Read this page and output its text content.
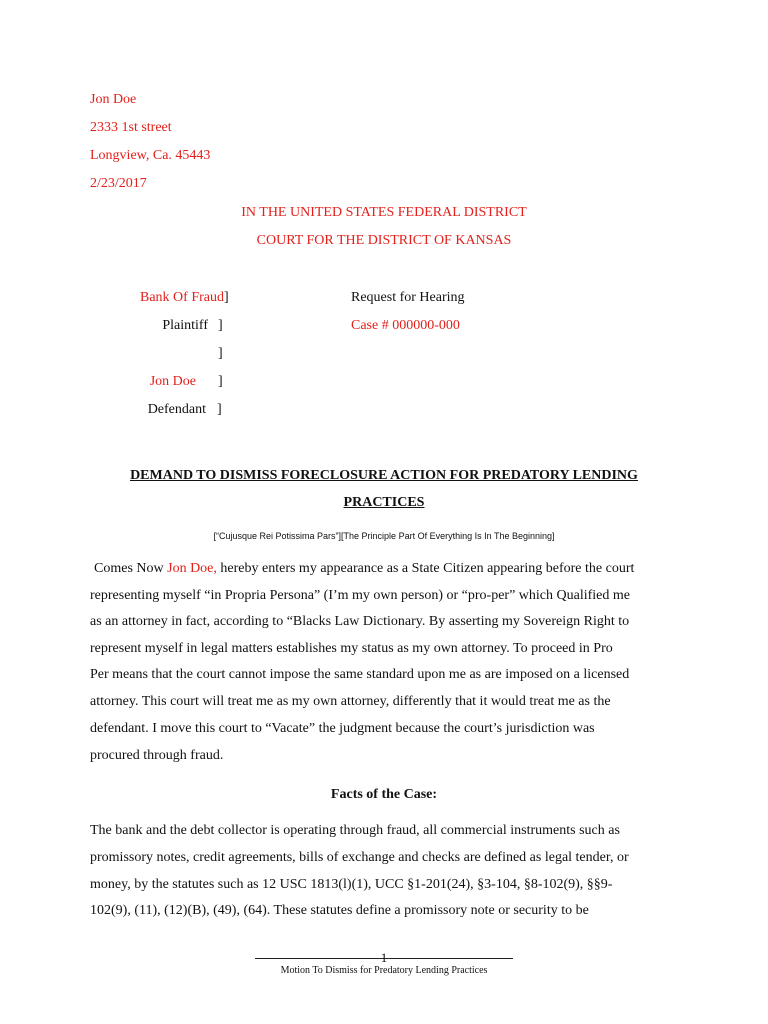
Jon Doe
2333 1st street
Longview, Ca. 45443
2/23/2017
IN THE UNITED STATES FEDERAL DISTRICT
COURT FOR THE DISTRICT OF KANSAS
Bank Of Fraud ]
Plaintiff ]
]
Jon Doe ]
Defendant ]
Request for Hearing
Case # 000000-000
DEMAND TO DISMISS FORECLOSURE ACTION FOR PREDATORY LENDING
PRACTICES
[“Cujusque Rei Potissima Pars”][The Principle Part Of Everything Is In The Beginning]
Comes Now Jon Doe, hereby enters my appearance as a State Citizen appearing before the court
representing myself “in Propria Persona” (I’m my own person) or “pro-per” which Qualified me
as an attorney in fact, according to “Blacks Law Dictionary. By asserting my Sovereign Right to
represent myself in legal matters establishes my status as my own attorney. To proceed in Pro
Per means that the court cannot impose the same standard upon me as are imposed on a licensed
attorney. This court will treat me as my own attorney, differently that it would treat me as the
defendant. I move this court to “Vacate” the judgment because the court’s jurisdiction was
procured through fraud.
Facts of the Case:
The bank and the debt collector is operating through fraud, all commercial instruments such as
promissory notes, credit agreements, bills of exchange and checks are defined as legal tender, or
money, by the statutes such as 12 USC 1813(l)(1), UCC §1-201(24), §3-104, §8-102(9), §§9-
102(9), (11), (12)(B), (49), (64). These statutes define a promissory note or security to be
1
Motion To Dismiss for Predatory Lending Practices
